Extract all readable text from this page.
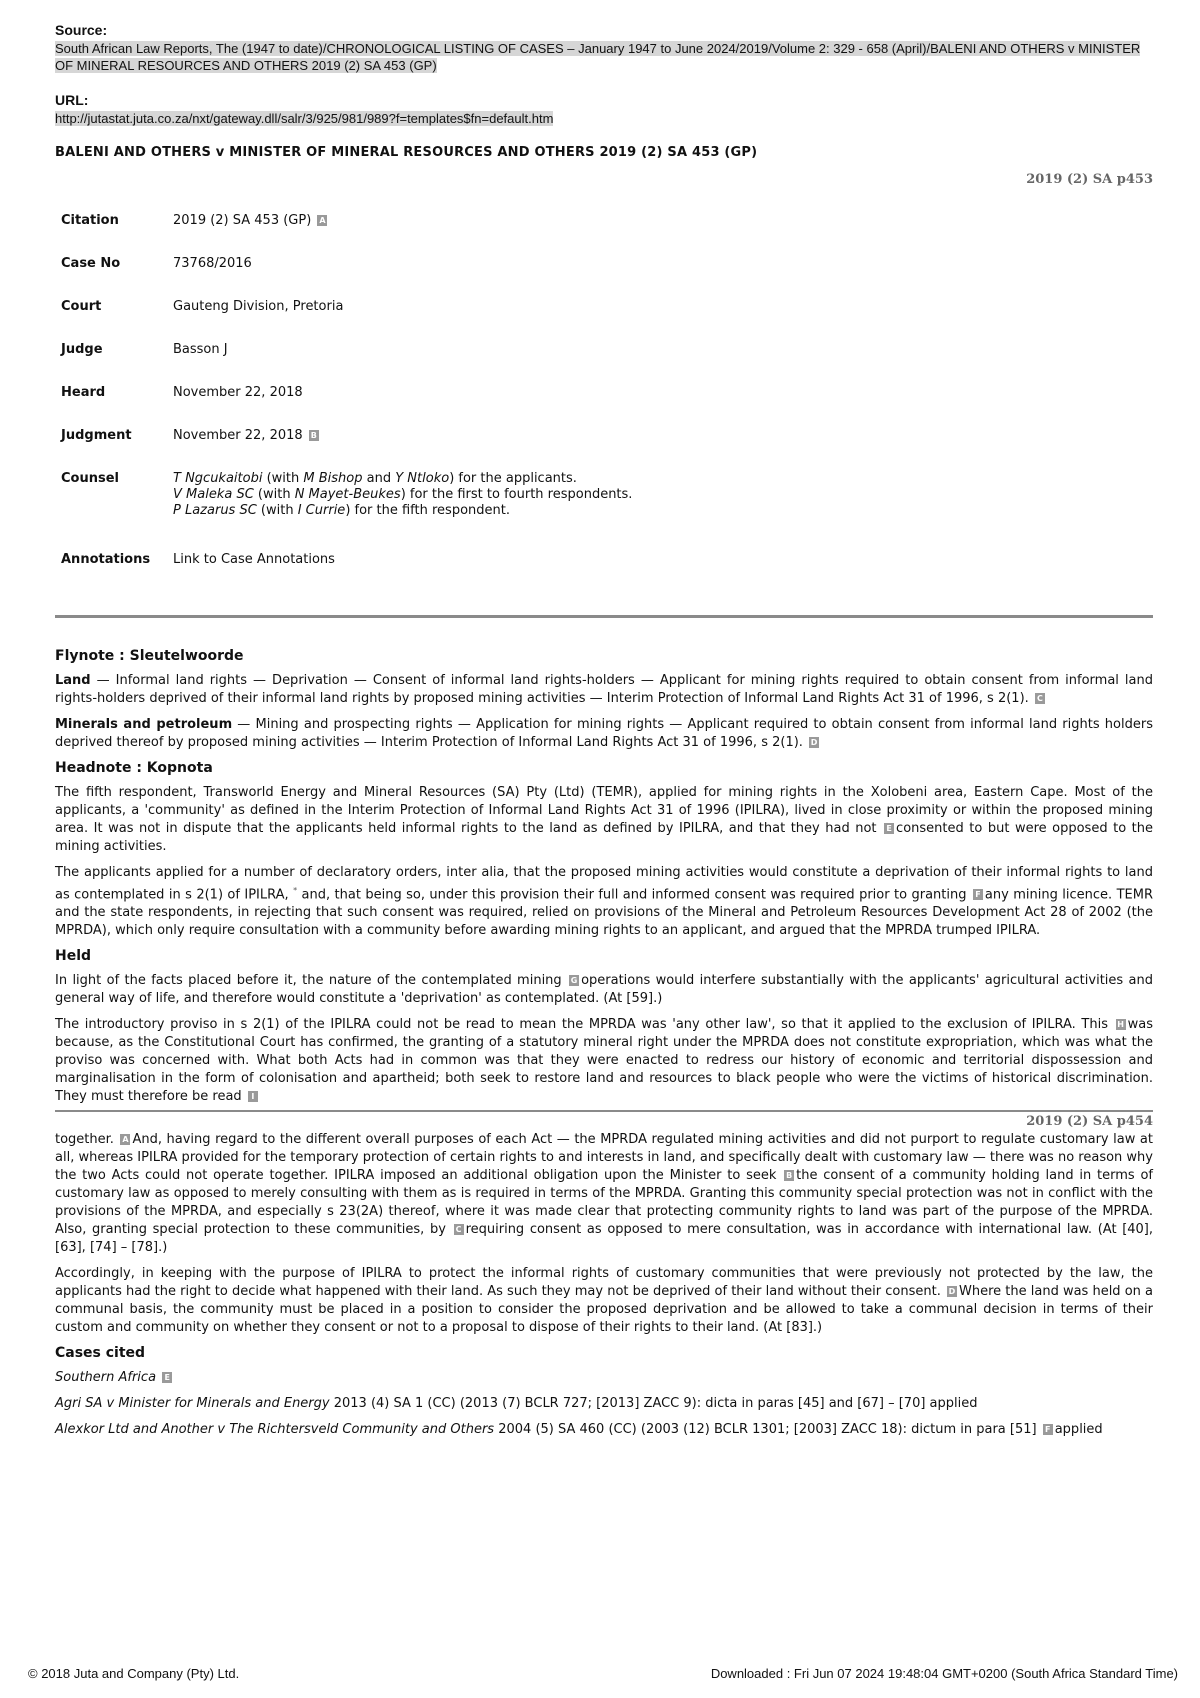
Source:
South African Law Reports, The (1947 to date)/CHRONOLOGICAL LISTING OF CASES – January 1947 to June 2024/2019/Volume 2: 329 - 658 (April)/BALENI AND OTHERS v MINISTER OF MINERAL RESOURCES AND OTHERS 2019 (2) SA 453 (GP)
URL:
http://jutastat.juta.co.za/nxt/gateway.dll/salr/3/925/981/989?f=templates$fn=default.htm
BALENI AND OTHERS v MINISTER OF MINERAL RESOURCES AND OTHERS 2019 (2) SA 453 (GP)
2019 (2) SA p453
Citation	2019 (2) SA 453 (GP) A
Case No	73768/2016
Court	Gauteng Division, Pretoria
Judge	Basson J
Heard	November 22, 2018
Judgment	November 22, 2018 B
Counsel	T Ngcukaitobi (with M Bishop and Y Ntloko) for the applicants.
V Maleka SC (with N Mayet-Beukes) for the first to fourth respondents.
P Lazarus SC (with I Currie) for the fifth respondent.

Annotations	Link to Case Annotations
Flynote : Sleutelwoorde

Land — Informal land rights — Deprivation — Consent of informal land rights-holders — Applicant for mining rights required to obtain consent from informal land rights-holders deprived of their informal land rights by proposed mining activities — Interim Protection of Informal Land Rights Act 31 of 1996, s 2(1). C

Minerals and petroleum — Mining and prospecting rights — Application for mining rights — Applicant required to obtain consent from informal land rights holders deprived thereof by proposed mining activities — Interim Protection of Informal Land Rights Act 31 of 1996, s 2(1). D

Headnote : Kopnota

The fifth respondent, Transworld Energy and Mineral Resources (SA) Pty (Ltd) (TEMR), applied for mining rights in the Xolobeni area, Eastern Cape. Most of the applicants, a 'community' as defined in the Interim Protection of Informal Land Rights Act 31 of 1996 (IPILRA), lived in close proximity or within the proposed mining area. It was not in dispute that the applicants held informal rights to the land as defined by IPILRA, and that they had not E consented to but were opposed to the mining activities.

The applicants applied for a number of declaratory orders, inter alia, that the proposed mining activities would constitute a deprivation of their informal rights to land as contemplated in s 2(1) of IPILRA, * and, that being so, under this provision their full and informed consent was required prior to granting F any mining licence. TEMR and the state respondents, in rejecting that such consent was required, relied on provisions of the Mineral and Petroleum Resources Development Act 28 of 2002 (the MPRDA), which only require consultation with a community before awarding mining rights to an applicant, and argued that the MPRDA trumped IPILRA.

Held

In light of the facts placed before it, the nature of the contemplated mining G operations would interfere substantially with the applicants' agricultural activities and general way of life, and therefore would constitute a 'deprivation' as contemplated. (At [59].)

The introductory proviso in s 2(1) of the IPILRA could not be read to mean the MPRDA was 'any other law', so that it applied to the exclusion of IPILRA. This H was because, as the Constitutional Court has confirmed, the granting of a statutory mineral right under the MPRDA does not constitute expropriation, which was what the proviso was concerned with. What both Acts had in common was that they were enacted to redress our history of economic and territorial dispossession and marginalisation in the form of colonisation and apartheid; both seek to restore land and resources to black people who were the victims of historical discrimination. They must therefore be read I

2019 (2) SA p454

together. A And, having regard to the different overall purposes of each Act — the MPRDA regulated mining activities and did not purport to regulate customary law at all, whereas IPILRA provided for the temporary protection of certain rights to and interests in land, and specifically dealt with customary law — there was no reason why the two Acts could not operate together. IPILRA imposed an additional obligation upon the Minister to seek B the consent of a community holding land in terms of customary law as opposed to merely consulting with them as is required in terms of the MPRDA. Granting this community special protection was not in conflict with the provisions of the MPRDA, and especially s 23(2A) thereof, where it was made clear that protecting community rights to land was part of the purpose of the MPRDA. Also, granting special protection to these communities, by C requiring consent as opposed to mere consultation, was in accordance with international law. (At [40], [63], [74] – [78].)

Accordingly, in keeping with the purpose of IPILRA to protect the informal rights of customary communities that were previously not protected by the law, the applicants had the right to decide what happened with their land. As such they may not be deprived of their land without their consent. D Where the land was held on a communal basis, the community must be placed in a position to consider the proposed deprivation and be allowed to take a communal decision in terms of their custom and community on whether they consent or not to a proposal to dispose of their rights to their land. (At [83].)

Cases cited

Southern Africa E

Agri SA v Minister for Minerals and Energy 2013 (4) SA 1 (CC) (2013 (7) BCLR 727; [2013] ZACC 9): dicta in paras [45] and [67] – [70] applied

Alexkor Ltd and Another v The Richtersveld Community and Others 2004 (5) SA 460 (CC) (2003 (12) BCLR 1301; [2003] ZACC 18): dictum in para [51] F applied

© 2018 Juta and Company (Pty) Ltd.	Downloaded : Fri Jun 07 2024 19:48:04 GMT+0200 (South Africa Standard Time)
